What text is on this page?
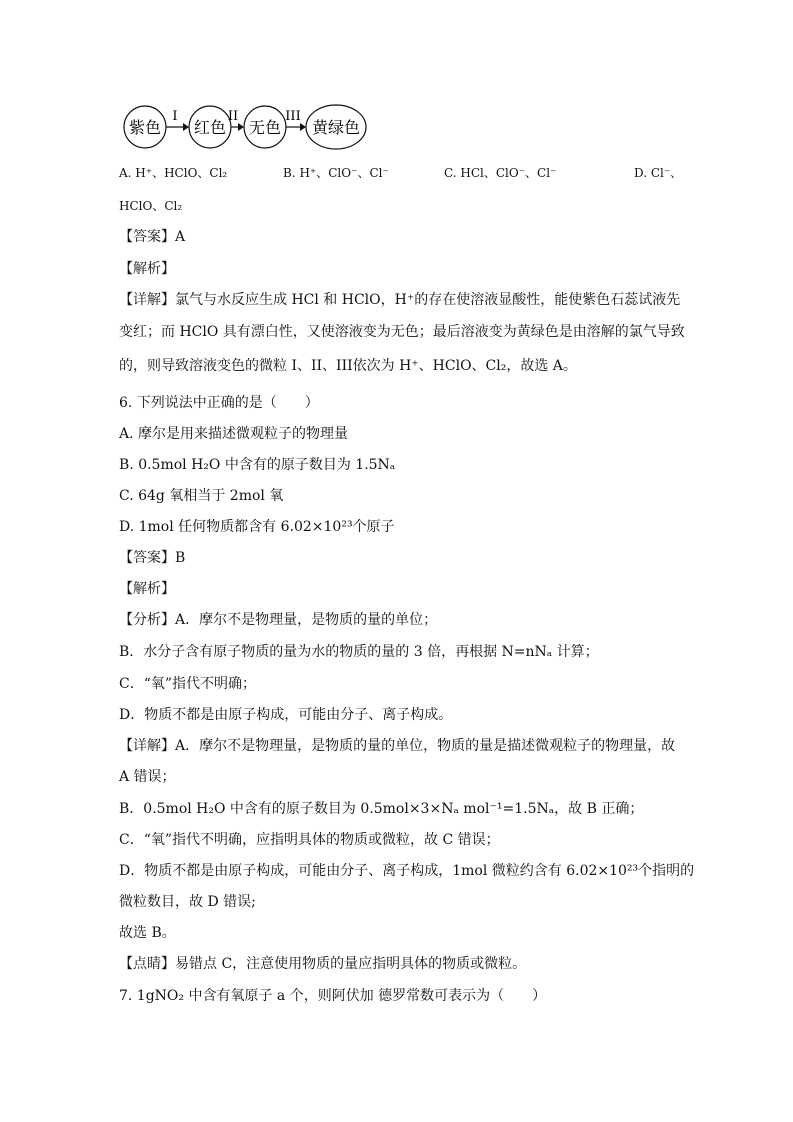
紫色
I
红色
II
无色
III
黄绿色
A. H⁺、HClO、Cl₂	B. H⁺、ClO⁻、Cl⁻	C. HCl、ClO⁻、Cl⁻	D. Cl⁻、
HClO、Cl₂
【答案】A
【解析】
【详解】氯气与水反应生成 HCl 和 HClO，H⁺的存在使溶液显酸性，能使紫色石蕊试液先
变红；而 HClO 具有漂白性，又使溶液变为无色；最后溶液变为黄绿色是由溶解的氯气导致
的，则导致溶液变色的微粒 I、II、III依次为 H⁺、HClO、Cl₂，故选 A。
6. 下列说法中正确的是（　　）
A. 摩尔是用来描述微观粒子的物理量
B. 0.5mol H₂O 中含有的原子数目为 1.5Nₐ
C. 64g 氧相当于 2mol 氧
D. 1mol 任何物质都含有 6.02×10²³个原子
【答案】B
【解析】
【分析】A．摩尔不是物理量，是物质的量的单位；
B．水分子含有原子物质的量为水的物质的量的 3 倍，再根据 N=nNₐ 计算；
C．“氧”指代不明确；
D．物质不都是由原子构成，可能由分子、离子构成。
【详解】A．摩尔不是物理量，是物质的量的单位，物质的量是描述微观粒子的物理量，故
A 错误；
B．0.5mol H₂O 中含有的原子数目为 0.5mol×3×Nₐ mol⁻¹=1.5Nₐ，故 B 正确；
C．“氧”指代不明确，应指明具体的物质或微粒，故 C 错误；
D．物质不都是由原子构成，可能由分子、离子构成，1mol 微粒约含有 6.02×10²³个指明的
微粒数目，故 D 错误;
故选 B。
【点睛】易错点 C，注意使用物质的量应指明具体的物质或微粒。
7. 1gNO₂ 中含有氧原子 a 个，则阿伏加 德罗常数可表示为（　　）
